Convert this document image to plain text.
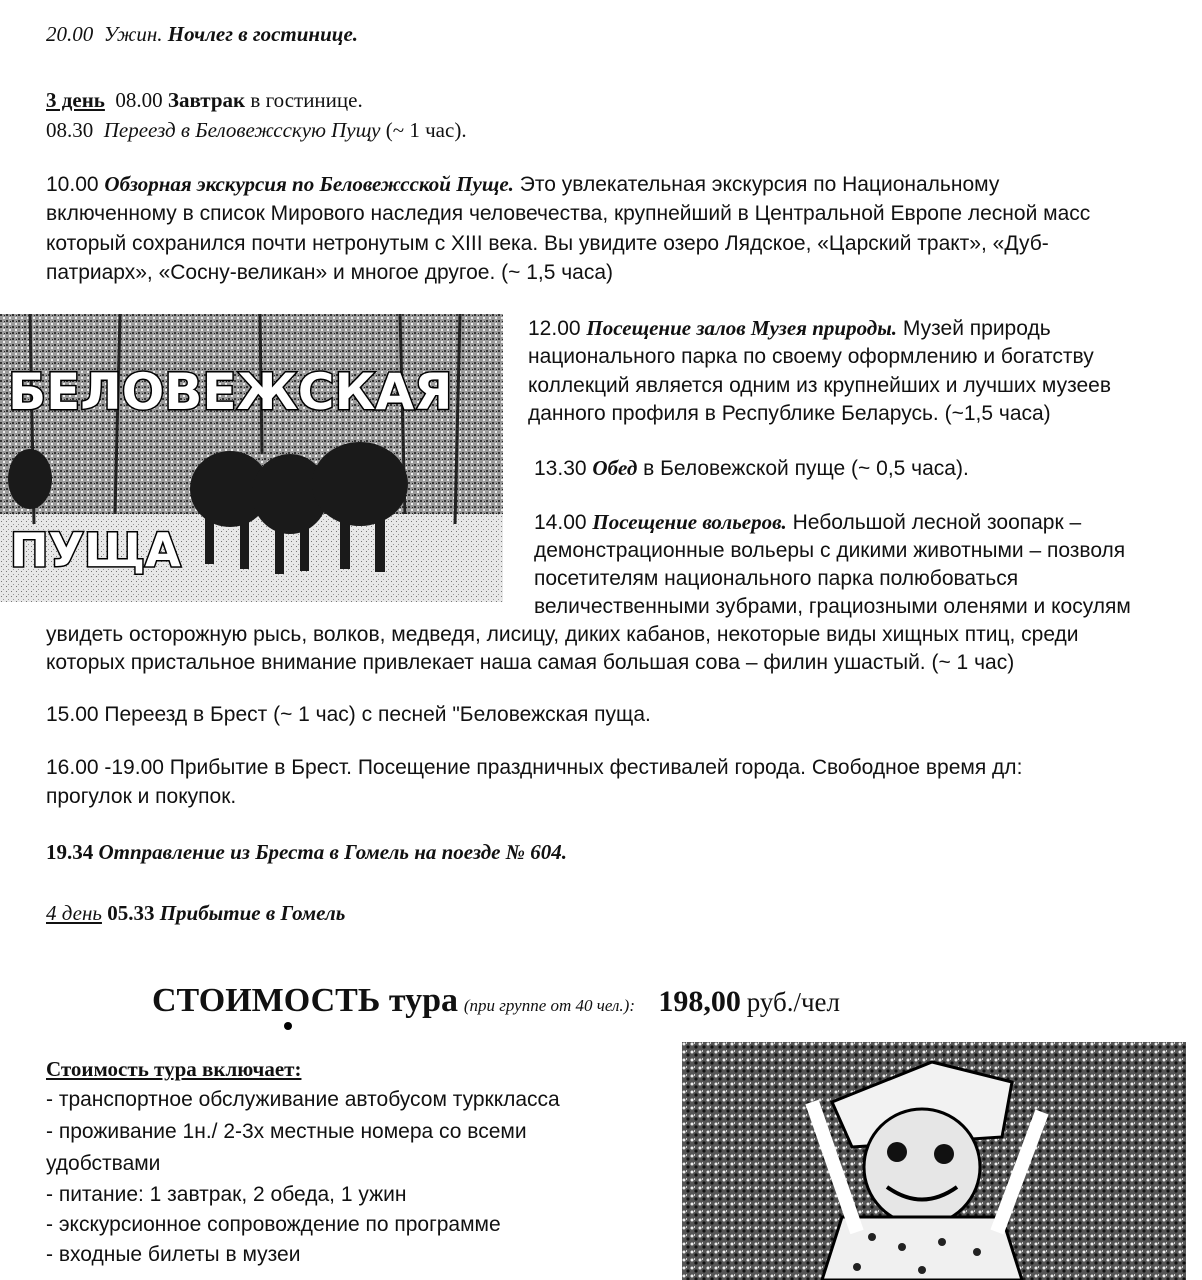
20.00 Ужин. Ночлег в гостинице.
3 день 08.00 Завтрак в гостинице.
08.30 Переезд в Беловежсскую Пущу (~ 1 час).
10.00 Обзорная экскурсия по Беловежсской Пуще. Это увлекательная экскурсия по Национальному
включенному в список Мирового наследия человечества, крупнейший в Центральной Европе лесной масс
который сохранился почти нетронутым с XIII века. Вы увидите озеро Лядское, «Царский тракт», «Дуб-
патриарх», «Сосну-великан» и многое другое. (~ 1,5 часа)
БЕЛОВЕЖСКАЯ
ПУЩА
12.00 Посещение залов Музея природы. Музей природь
национального парка по своему оформлению и богатству
коллекций является одним из крупнейших и лучших музеев
данного профиля в Республике Беларусь. (~1,5 часа)
13.30 Обед в Беловежской пуще (~ 0,5 часа).
14.00 Посещение вольеров. Небольшой лесной зоопарк –
демонстрационные вольеры с дикими животными – позволя
посетителям национального парка полюбоваться
величественными зубрами, грациозными оленями и косулям
увидеть осторожную рысь, волков, медведя, лисицу, диких кабанов, некоторые виды хищных птиц, среди
которых пристальное внимание привлекает наша самая большая сова – филин ушастый. (~ 1 час)
15.00 Переезд в Брест (~ 1 час) с песней "Беловежская пуща.
16.00 -19.00 Прибытие в Брест. Посещение праздничных фестивалей города. Свободное время дл:
прогулок и покупок.
19.34 Отправление из Бреста в Гомель на поезде № 604.
4 день 05.33 Прибытие в Гомель
СТОИМОСТЬ тура (при группе от 40 чел.): 198,00 руб./чел
Стоимость тура включает:
- транспортное обслуживание автобусом турккласса
- проживание 1н./ 2-3х местные номера со всеми
удобствами
- питание: 1 завтрак, 2 обеда, 1 ужин
- экскурсионное сопровождение по программе
- входные билеты в музеи
